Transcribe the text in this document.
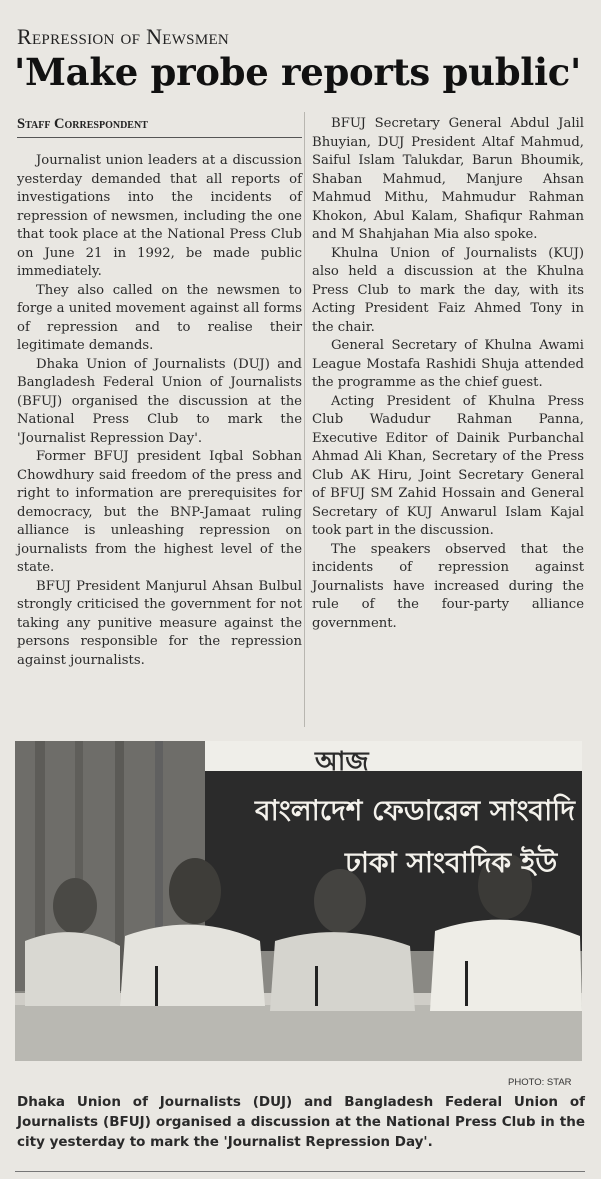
Repression of Newsmen
'Make probe reports public'
Staff Correspondent

Journalist union leaders at a discussion yesterday demanded that all reports of investigations into the incidents of repression of newsmen, including the one that took place at the National Press Club on June 21 in 1992, be made public immediately.

They also called on the newsmen to forge a united movement against all forms of repression and to realise their legitimate demands.

Dhaka Union of Journalists (DUJ) and Bangladesh Federal Union of Journalists (BFUJ) organised the discussion at the National Press Club to mark the 'Journalist Repression Day'.

Former BFUJ president Iqbal Sobhan Chowdhury said freedom of the press and right to information are prerequisites for democracy, but the BNP-Jamaat ruling alliance is unleashing repression on journalists from the highest level of the state.

BFUJ President Manjurul Ahsan Bulbul strongly criticised the government for not taking any punitive measure against the persons responsible for the repression against journalists.

BFUJ Secretary General Abdul Jalil Bhuyian, DUJ President Altaf Mahmud, Saiful Islam Talukdar, Barun Bhoumik, Shaban Mahmud, Manjure Ahsan Mahmud Mithu, Mahmudur Rahman Khokon, Abul Kalam, Shafiqur Rahman and M Shahjahan Mia also spoke.

Khulna Union of Journalists (KUJ) also held a discussion at the Khulna Press Club to mark the day, with its Acting President Faiz Ahmed Tony in the chair.

General Secretary of Khulna Awami League Mostafa Rashidi Shuja attended the programme as the chief guest.

Acting President of Khulna Press Club Wadudur Rahman Panna, Executive Editor of Dainik Purbanchal Ahmad Ali Khan, Secretary of the Press Club AK Hiru, Joint Secretary General of BFUJ SM Zahid Hossain and General Secretary of KUJ Anwarul Islam Kajal took part in the discussion.

The speakers observed that the incidents of repression against Journalists have increased during the rule of the four-party alliance government.

আজ
বাংলাদেশ ফেডারেল সাংবাদি
ঢাকা সাংবাদিক ইউ
PHOTO: STAR
Dhaka Union of Journalists (DUJ) and Bangladesh Federal Union of Journalists (BFUJ) organised a discussion at the National Press Club in the city yesterday to mark the 'Journalist Repression Day'.
